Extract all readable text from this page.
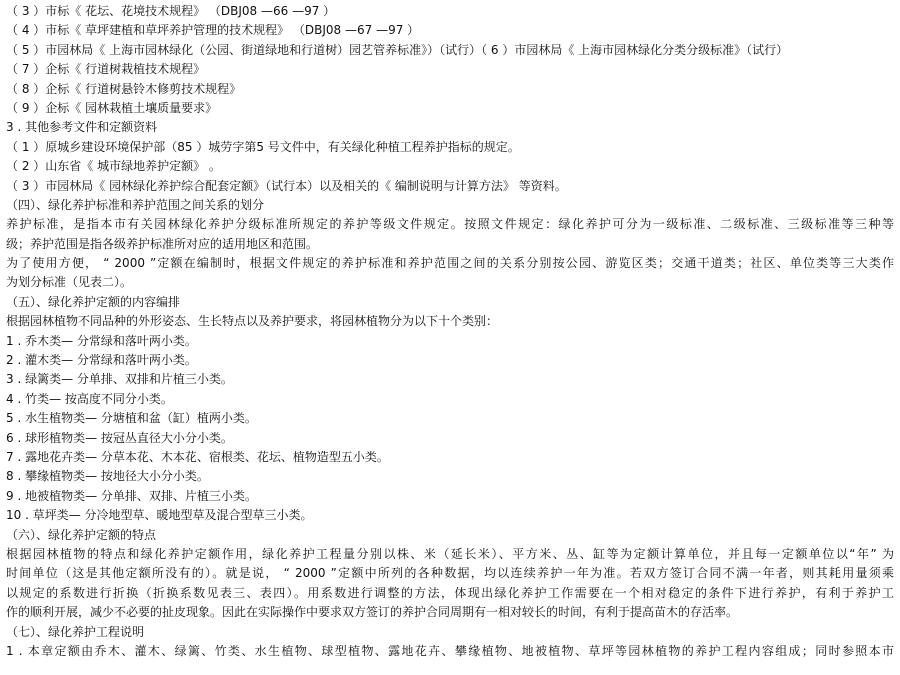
（ 3 ）市标《 花坛、花境技术规程》 （DBJ08 —66 —97 ）
（ 4 ）市标《 草坪建植和草坪养护管理的技术规程》 （DBJ08 —67 —97 ）
（ 5 ）市园林局《 上海市园林绿化（公园、街道绿地和行道树）园艺管养标准》）（试行）（ 6 ）市园林局《 上海市园林绿化分类分级标准》（试行）
（ 7 ）企标《 行道树栽植技术规程》
（ 8 ）企标《 行道树悬铃木修剪技术规程》
（ 9 ）企标《 园林栽植土壤质量要求》
3 . 其他参考文件和定额资料
（ 1 ）原城乡建设环境保护部（85 ）城劳字第5 号文件中，有关绿化种植工程养护指标的规定。
（ 2 ）山东省《 城市绿地养护定额》 。
（ 3 ）市园林局《 园林绿化养护综合配套定额》（试行本）以及相关的《 编制说明与计算方法》 等资料。
（四）、绿化养护标准和养护范围之间关系的划分
养护标准，是指本市有关园林绿化养护分级标准所规定的养护等级文件规定。按照文件规定：绿化养护可分为一级标准、二级标准、三级标准等三种等
级；养护范围是指各级养护标准所对应的适用地区和范围。
为了使用方便， “ 2000 ”定额在编制时，根据文件规定的养护标准和养护范围之间的关系分别按公园、游览区类；交通干道类；社区、单位类等三大类作
为划分标准（见表二）。
（五）、绿化养护定额的内容编排
根据园林植物不同品种的外形姿态、生长特点以及养护要求，将园林植物分为以下十个类别：
1 . 乔木类— 分常绿和落叶两小类。
2 . 灌木类— 分常绿和落叶两小类。
3 . 绿篱类— 分单排、双排和片植三小类。
4 . 竹类— 按高度不同分小类。
5 . 水生植物类— 分塘植和盆（缸）植两小类。
6 . 球形植物类— 按冠丛直径大小分小类。
7 . 露地花卉类— 分草本花、木本花、宿根类、花坛、植物造型五小类。
8 . 攀缘植物类— 按地径大小分小类。
9 . 地被植物类— 分单排、双排、片植三小类。
10 . 草坪类— 分冷地型草、暖地型草及混合型草三小类。
（六）、绿化养护定额的特点
根据园林植物的特点和绿化养护定额作用，绿化养护工程量分别以株、米（延长米）、平方米、丛、缸等为定额计算单位，并且每一定额单位以“年” 为
时间单位（这是其他定额所没有的）。就是说， “ 2000 ”定额中所列的各种数据，均以连续养护一年为准。若双方签订合同不满一年者，则其耗用量须乘
以规定的系数进行折换（折换系数见表三、表四）。用系数进行调整的方法，体现出绿化养护工作需要在一个相对稳定的条件下进行养护，有利于养护工
作的顺利开展，减少不必要的扯皮现象。因此在实际操作中要求双方签订的养护合同周期有一相对较长的时间，有利于提高苗木的存活率。
（七）、绿化养护工程说明
1 . 本章定额由乔木、灌木、绿篱、竹类、水生植物、球型植物、露地花卉、攀缘植物、地被植物、草坪等园林植物的养护工程内容组成；同时参照本市
